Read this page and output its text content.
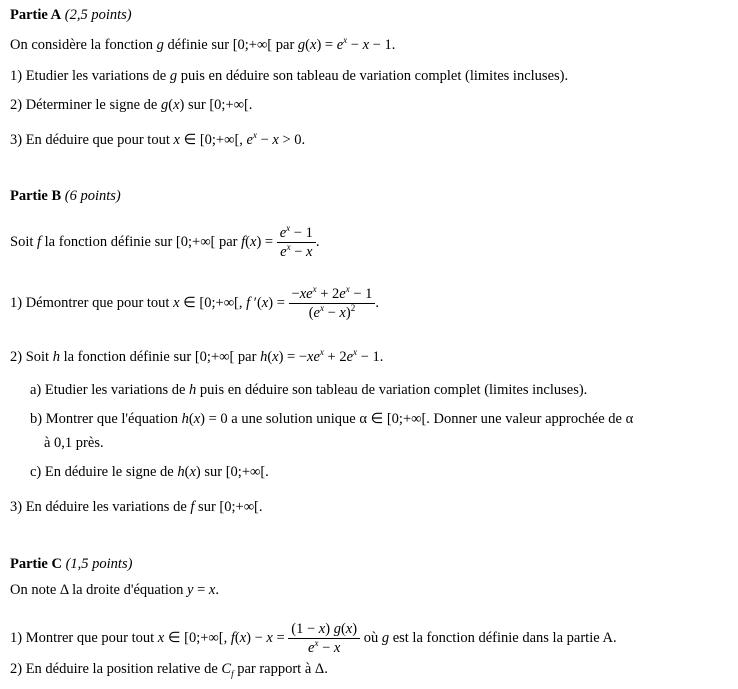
Partie A (2,5 points)
On considère la fonction g définie sur [0;+∞[ par $g(x) = e^x - x - 1$.
1) Etudier les variations de g puis en déduire son tableau de variation complet (limites incluses).
2) Déterminer le signe de g(x) sur [0;+∞[.
3) En déduire que pour tout x ∈ [0;+∞[, $e^x - x > 0$.
Partie B (6 points)
Soit f la fonction définie sur [0;+∞[ par $f(x) = \frac{e^x - 1}{e^x - x}$ .
1) Démontrer que pour tout x ∈ [0;+∞[, f $'(x) = \frac{-xe^x + 2e^x - 1}{(e^x - x)^2}$ .
2) Soit h la fonction définie sur [0;+∞[ par $h(x) = -xe^x + 2e^x - 1$.
a) Etudier les variations de h puis en déduire son tableau de variation complet (limites incluses).
b) Montrer que l'équation h(x) = 0 a une solution unique α ∈ [0;+∞[. Donner une valeur approchée de α
à 0,1 près.
c) En déduire le signe de h(x) sur [0;+∞[.
3) En déduire les variations de f sur [0;+∞[.
Partie C (1,5 points)
On note Δ la droite d'équation y = x.
1) Montrer que pour tout x ∈ [0;+∞[, $f(x) - x = \frac{(1 - x) g(x)}{e^x - x}$ où g est la fonction définie dans la partie A.
2) En déduire la position relative de $C_f$ par rapport à Δ.
